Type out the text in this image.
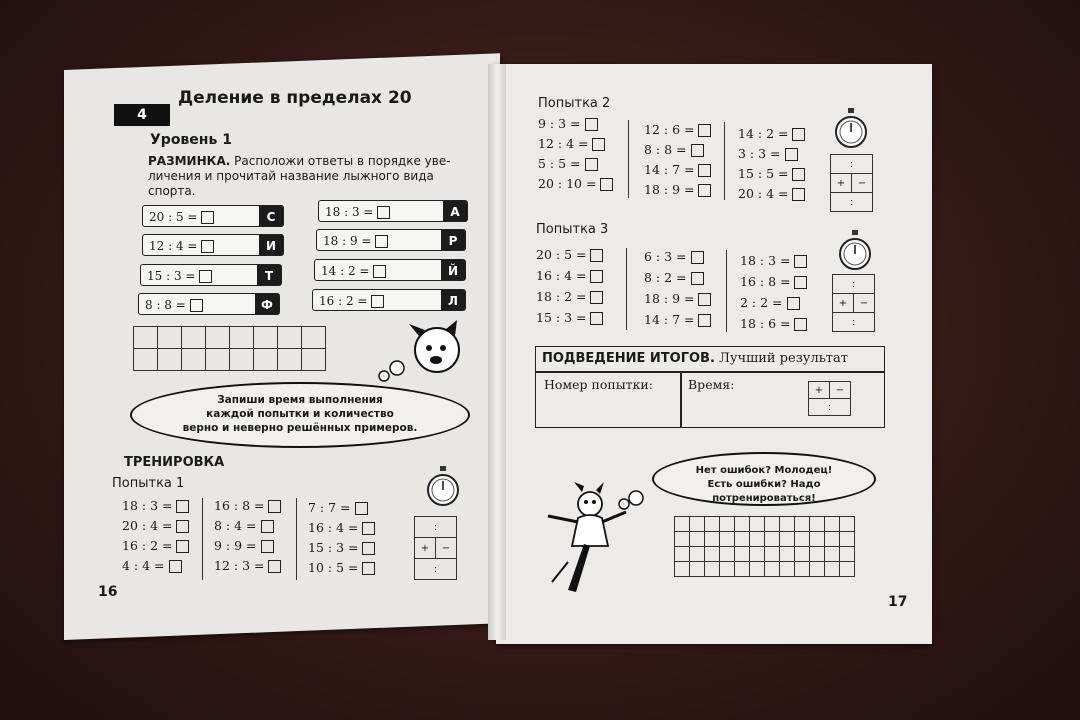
4
Деление в пределах 20
Уровень 1
РАЗМИНКА. Расположи ответы в порядке уве-
личения и прочитай название лыжного вида
спорта.
20 : 5 =	С
12 : 4 =	И
15 : 3 =	Т
8 : 8 =	Ф
18 : 3 =	А
18 : 9 =	Р
14 : 2 =	Й
16 : 2 =	Л

Запиши время выполнения
каждой попытки и количество
верно и неверно решённых примеров.
ТРЕНИРОВКА
Попытка 1
18 : 3 =
20 : 4 =
16 : 2 =
4 : 4 =
16 : 8 =
8 : 4 =
9 : 9 =
12 : 3 =
7 : 7 =
16 : 4 =
15 : 3 =
10 : 5 =
:
+	−
:
16
Попытка 2
9 : 3 =
12 : 4 =
5 : 5 =
20 : 10 =
12 : 6 =
8 : 8 =
14 : 7 =
18 : 9 =
14 : 2 =
3 : 3 =
15 : 5 =
20 : 4 =
:
+	−
:
Попытка 3
20 : 5 =
16 : 4 =
18 : 2 =
15 : 3 =
6 : 3 =
8 : 2 =
18 : 9 =
14 : 7 =
18 : 3 =
16 : 8 =
2 : 2 =
18 : 6 =
:
+	−
:
ПОДВЕДЕНИЕ ИТОГОВ. Лучший результат
Номер попытки:	Время:	+	−
:
Нет ошибок? Молодец!
Есть ошибки? Надо потренироваться!

17
